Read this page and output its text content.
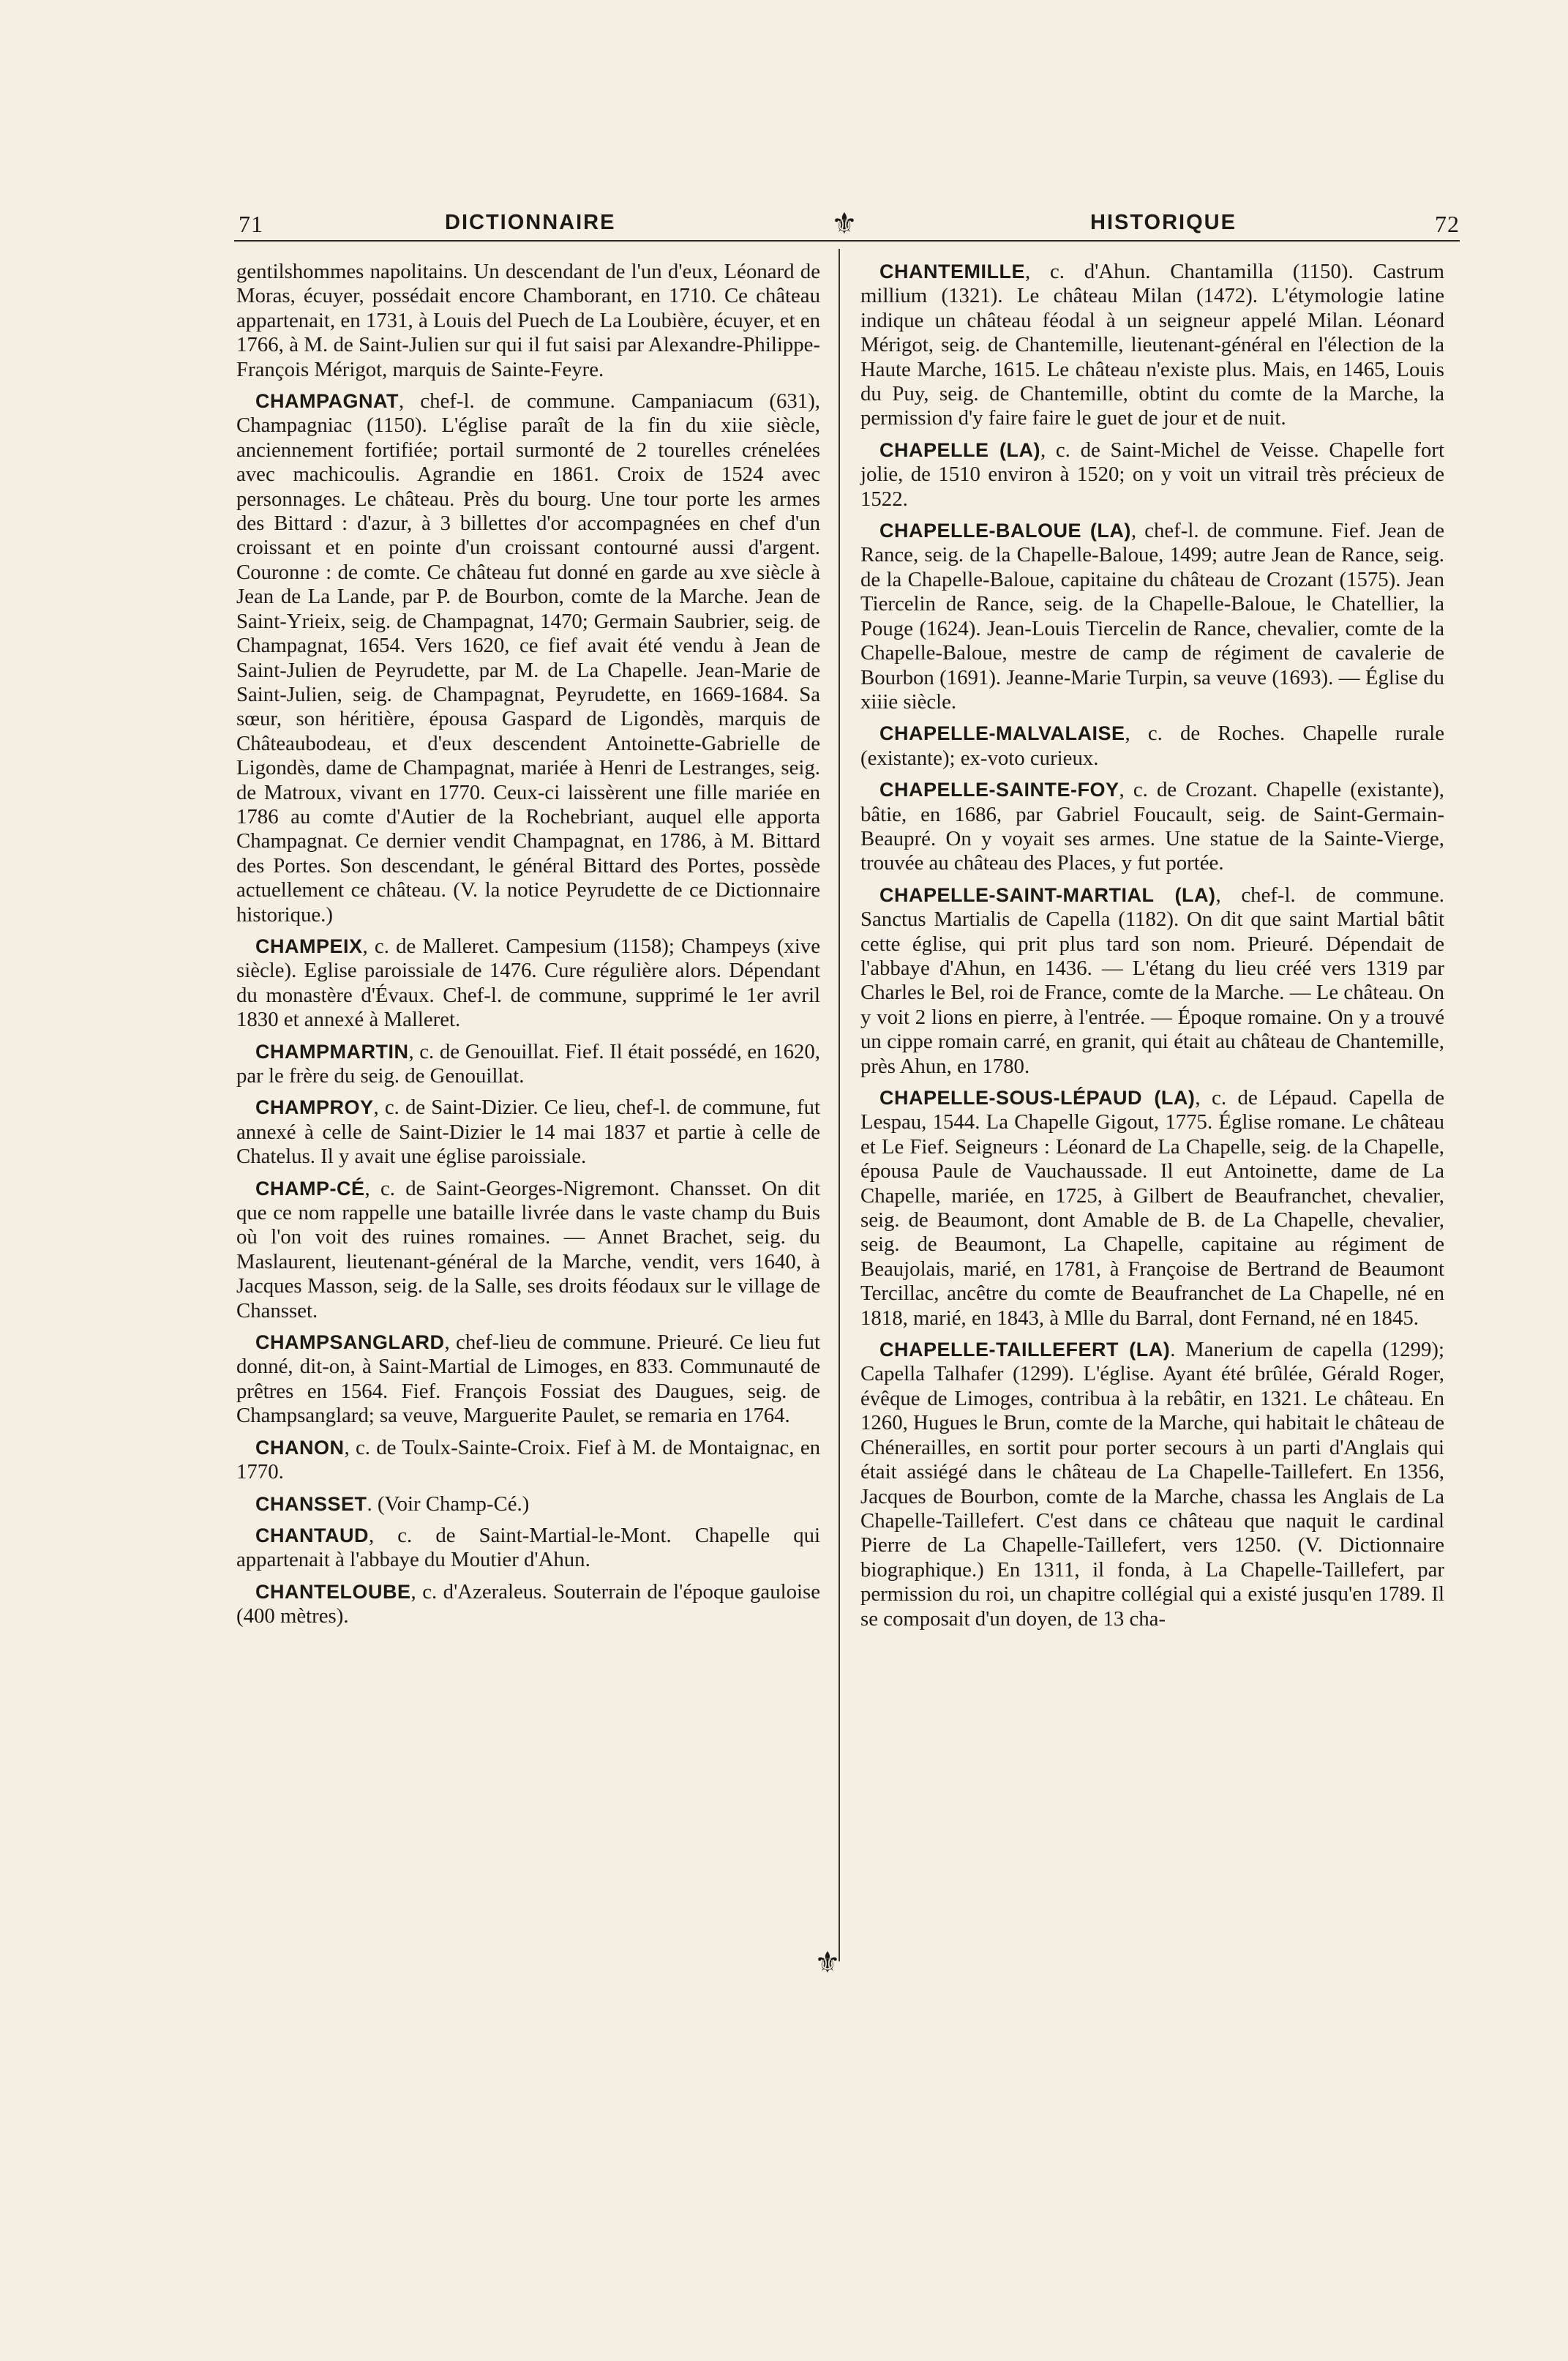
71	DICTIONNAIRE	HISTORIQUE	72
⚜
⚜

gentilshommes napolitains. Un descendant de l'un d'eux, Léonard de Moras, écuyer, possédait encore Chamborant, en 1710. Ce château appartenait, en 1731, à Louis del Puech de La Loubière, écuyer, et en 1766, à M. de Saint-Julien sur qui il fut saisi par Alexandre-Philippe-François Mérigot, marquis de Sainte-Feyre.

CHAMPAGNAT, chef-l. de commune. Campaniacum (631), Champagniac (1150). L'église paraît de la fin du xiie siècle, anciennement fortifiée; portail surmonté de 2 tourelles crénelées avec machicoulis. Agrandie en 1861. Croix de 1524 avec personnages. Le château. Près du bourg. Une tour porte les armes des Bittard : d'azur, à 3 billettes d'or accompagnées en chef d'un croissant et en pointe d'un croissant contourné aussi d'argent. Couronne : de comte. Ce château fut donné en garde au xve siècle à Jean de La Lande, par P. de Bourbon, comte de la Marche. Jean de Saint-Yrieix, seig. de Champagnat, 1470; Germain Saubrier, seig. de Champagnat, 1654. Vers 1620, ce fief avait été vendu à Jean de Saint-Julien de Peyrudette, par M. de La Chapelle. Jean-Marie de Saint-Julien, seig. de Champagnat, Peyrudette, en 1669-1684. Sa sœur, son héritière, épousa Gaspard de Ligondès, marquis de Châteaubodeau, et d'eux descendent Antoinette-Gabrielle de Ligondès, dame de Champagnat, mariée à Henri de Lestranges, seig. de Matroux, vivant en 1770. Ceux-ci laissèrent une fille mariée en 1786 au comte d'Autier de la Rochebriant, auquel elle apporta Champagnat. Ce dernier vendit Champagnat, en 1786, à M. Bittard des Portes. Son descendant, le général Bittard des Portes, possède actuellement ce château. (V. la notice Peyrudette de ce Dictionnaire historique.)

CHAMPEIX, c. de Malleret. Campesium (1158); Champeys (xive siècle). Eglise paroissiale de 1476. Cure régulière alors. Dépendant du monastère d'Évaux. Chef-l. de commune, supprimé le 1er avril 1830 et annexé à Malleret.

CHAMPMARTIN, c. de Genouillat. Fief. Il était possédé, en 1620, par le frère du seig. de Genouillat.

CHAMPROY, c. de Saint-Dizier. Ce lieu, chef-l. de commune, fut annexé à celle de Saint-Dizier le 14 mai 1837 et partie à celle de Chatelus. Il y avait une église paroissiale.

CHAMP-CÉ, c. de Saint-Georges-Nigremont. Chansset. On dit que ce nom rappelle une bataille livrée dans le vaste champ du Buis où l'on voit des ruines romaines. — Annet Brachet, seig. du Maslaurent, lieutenant-général de la Marche, vendit, vers 1640, à Jacques Masson, seig. de la Salle, ses droits féodaux sur le village de Chansset.

CHAMPSANGLARD, chef-lieu de commune. Prieuré. Ce lieu fut donné, dit-on, à Saint-Martial de Limoges, en 833. Communauté de prêtres en 1564. Fief. François Fossiat des Daugues, seig. de Champsanglard; sa veuve, Marguerite Paulet, se remaria en 1764.

CHANON, c. de Toulx-Sainte-Croix. Fief à M. de Montaignac, en 1770.

CHANSSET. (Voir Champ-Cé.)

CHANTAUD, c. de Saint-Martial-le-Mont. Chapelle qui appartenait à l'abbaye du Moutier d'Ahun.

CHANTELOUBE, c. d'Azeraleus. Souterrain de l'époque gauloise (400 mètres).

CHANTEMILLE, c. d'Ahun. Chantamilla (1150). Castrum millium (1321). Le château Milan (1472). L'étymologie latine indique un château féodal à un seigneur appelé Milan. Léonard Mérigot, seig. de Chantemille, lieutenant-général en l'élection de la Haute Marche, 1615. Le château n'existe plus. Mais, en 1465, Louis du Puy, seig. de Chantemille, obtint du comte de la Marche, la permission d'y faire faire le guet de jour et de nuit.

CHAPELLE (LA), c. de Saint-Michel de Veisse. Chapelle fort jolie, de 1510 environ à 1520; on y voit un vitrail très précieux de 1522.

CHAPELLE-BALOUE (LA), chef-l. de commune. Fief. Jean de Rance, seig. de la Chapelle-Baloue, 1499; autre Jean de Rance, seig. de la Chapelle-Baloue, capitaine du château de Crozant (1575). Jean Tiercelin de Rance, seig. de la Chapelle-Baloue, le Chatellier, la Pouge (1624). Jean-Louis Tiercelin de Rance, chevalier, comte de la Chapelle-Baloue, mestre de camp de régiment de cavalerie de Bourbon (1691). Jeanne-Marie Turpin, sa veuve (1693). — Église du xiiie siècle.

CHAPELLE-MALVALAISE, c. de Roches. Chapelle rurale (existante); ex-voto curieux.

CHAPELLE-SAINTE-FOY, c. de Crozant. Chapelle (existante), bâtie, en 1686, par Gabriel Foucault, seig. de Saint-Germain-Beaupré. On y voyait ses armes. Une statue de la Sainte-Vierge, trouvée au château des Places, y fut portée.

CHAPELLE-SAINT-MARTIAL (LA), chef-l. de commune. Sanctus Martialis de Capella (1182). On dit que saint Martial bâtit cette église, qui prit plus tard son nom. Prieuré. Dépendait de l'abbaye d'Ahun, en 1436. — L'étang du lieu créé vers 1319 par Charles le Bel, roi de France, comte de la Marche. — Le château. On y voit 2 lions en pierre, à l'entrée. — Époque romaine. On y a trouvé un cippe romain carré, en granit, qui était au château de Chantemille, près Ahun, en 1780.

CHAPELLE-SOUS-LÉPAUD (LA), c. de Lépaud. Capella de Lespau, 1544. La Chapelle Gigout, 1775. Église romane. Le château et Le Fief. Seigneurs : Léonard de La Chapelle, seig. de la Chapelle, épousa Paule de Vauchaussade. Il eut Antoinette, dame de La Chapelle, mariée, en 1725, à Gilbert de Beaufranchet, chevalier, seig. de Beaumont, dont Amable de B. de La Chapelle, chevalier, seig. de Beaumont, La Chapelle, capitaine au régiment de Beaujolais, marié, en 1781, à Françoise de Bertrand de Beaumont Tercillac, ancêtre du comte de Beaufranchet de La Chapelle, né en 1818, marié, en 1843, à Mlle du Barral, dont Fernand, né en 1845.

CHAPELLE-TAILLEFERT (LA). Manerium de capella (1299); Capella Talhafer (1299). L'église. Ayant été brûlée, Gérald Roger, évêque de Limoges, contribua à la rebâtir, en 1321. Le château. En 1260, Hugues le Brun, comte de la Marche, qui habitait le château de Chénerailles, en sortit pour porter secours à un parti d'Anglais qui était assiégé dans le château de La Chapelle-Taillefert. En 1356, Jacques de Bourbon, comte de la Marche, chassa les Anglais de La Chapelle-Taillefert. C'est dans ce château que naquit le cardinal Pierre de La Chapelle-Taillefert, vers 1250. (V. Dictionnaire biographique.) En 1311, il fonda, à La Chapelle-Taillefert, par permission du roi, un chapitre collégial qui a existé jusqu'en 1789. Il se composait d'un doyen, de 13 cha-
